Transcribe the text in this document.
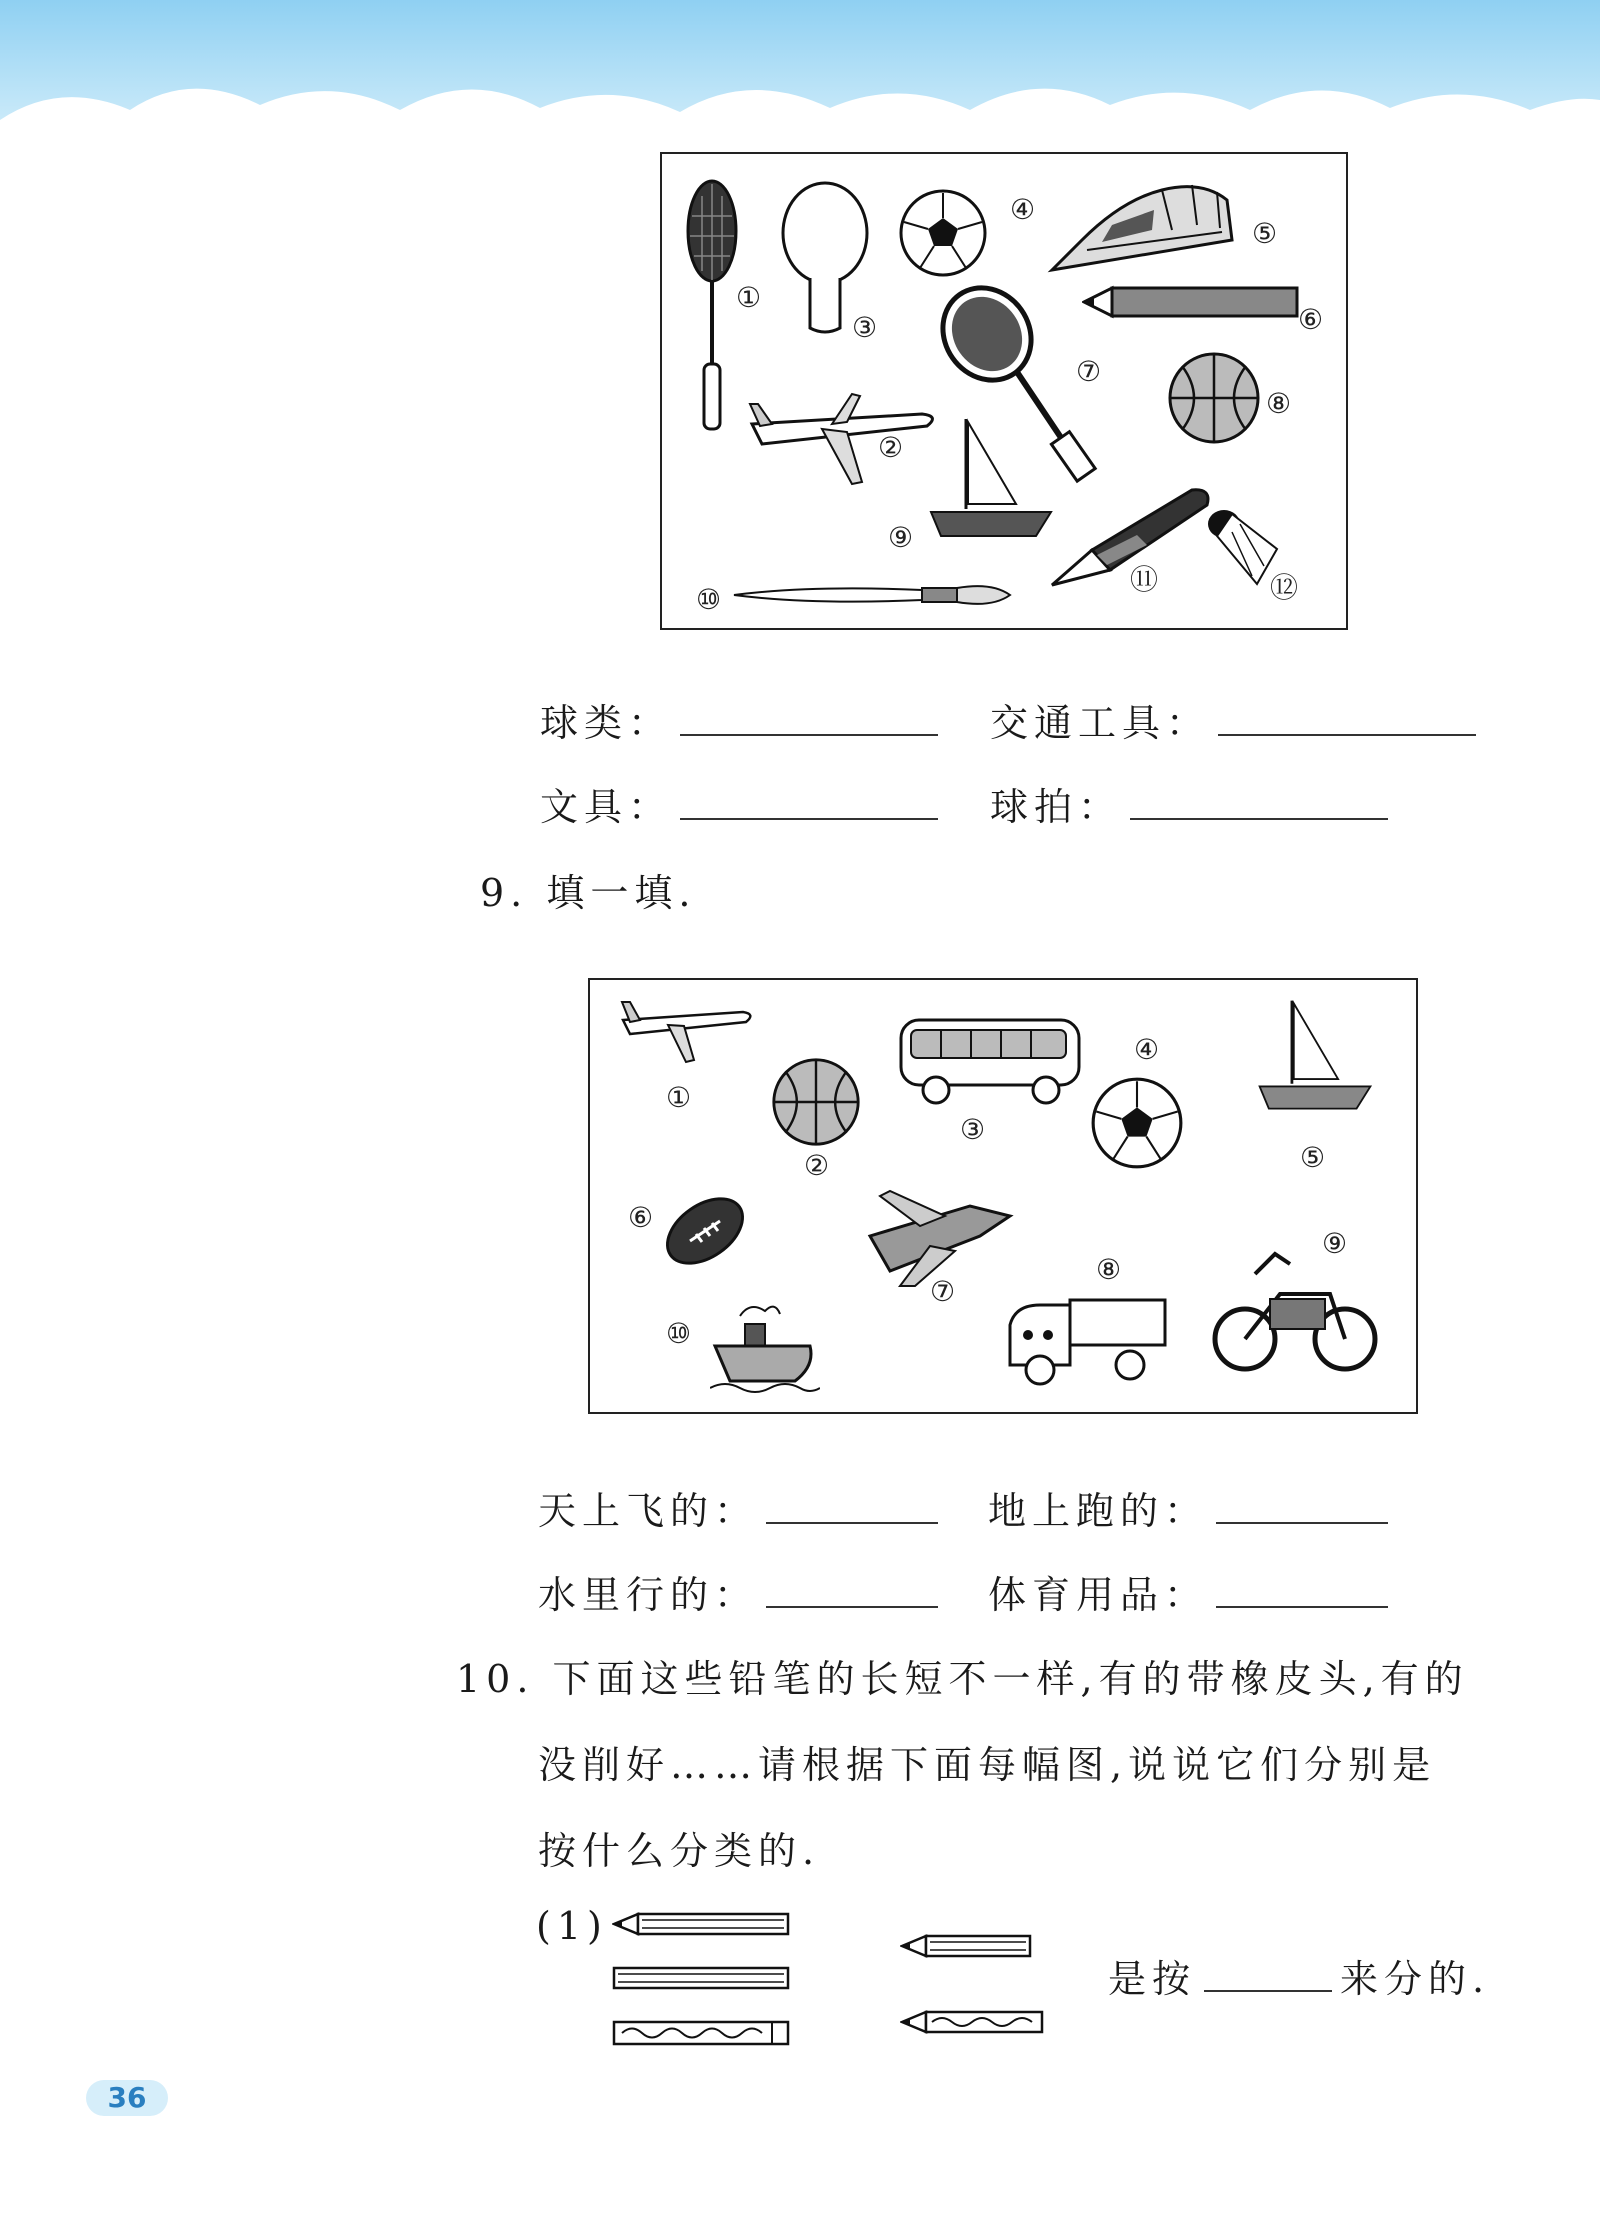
①
③
④
⑤
⑥
⑦
⑧
②
⑨
⑩
⑪	⑫
球类：	交通工具：
文具：	球拍：
9. 填一填.
①
②
③
④
⑤
⑥
⑦
⑧
⑨
⑩
天上飞的：	地上跑的：
水里行的：	体育用品：
10. 下面这些铅笔的长短不一样,有的带橡皮头,有的
没削好……请根据下面每幅图,说说它们分别是
按什么分类的.
(1)
是按	来分的.
36
